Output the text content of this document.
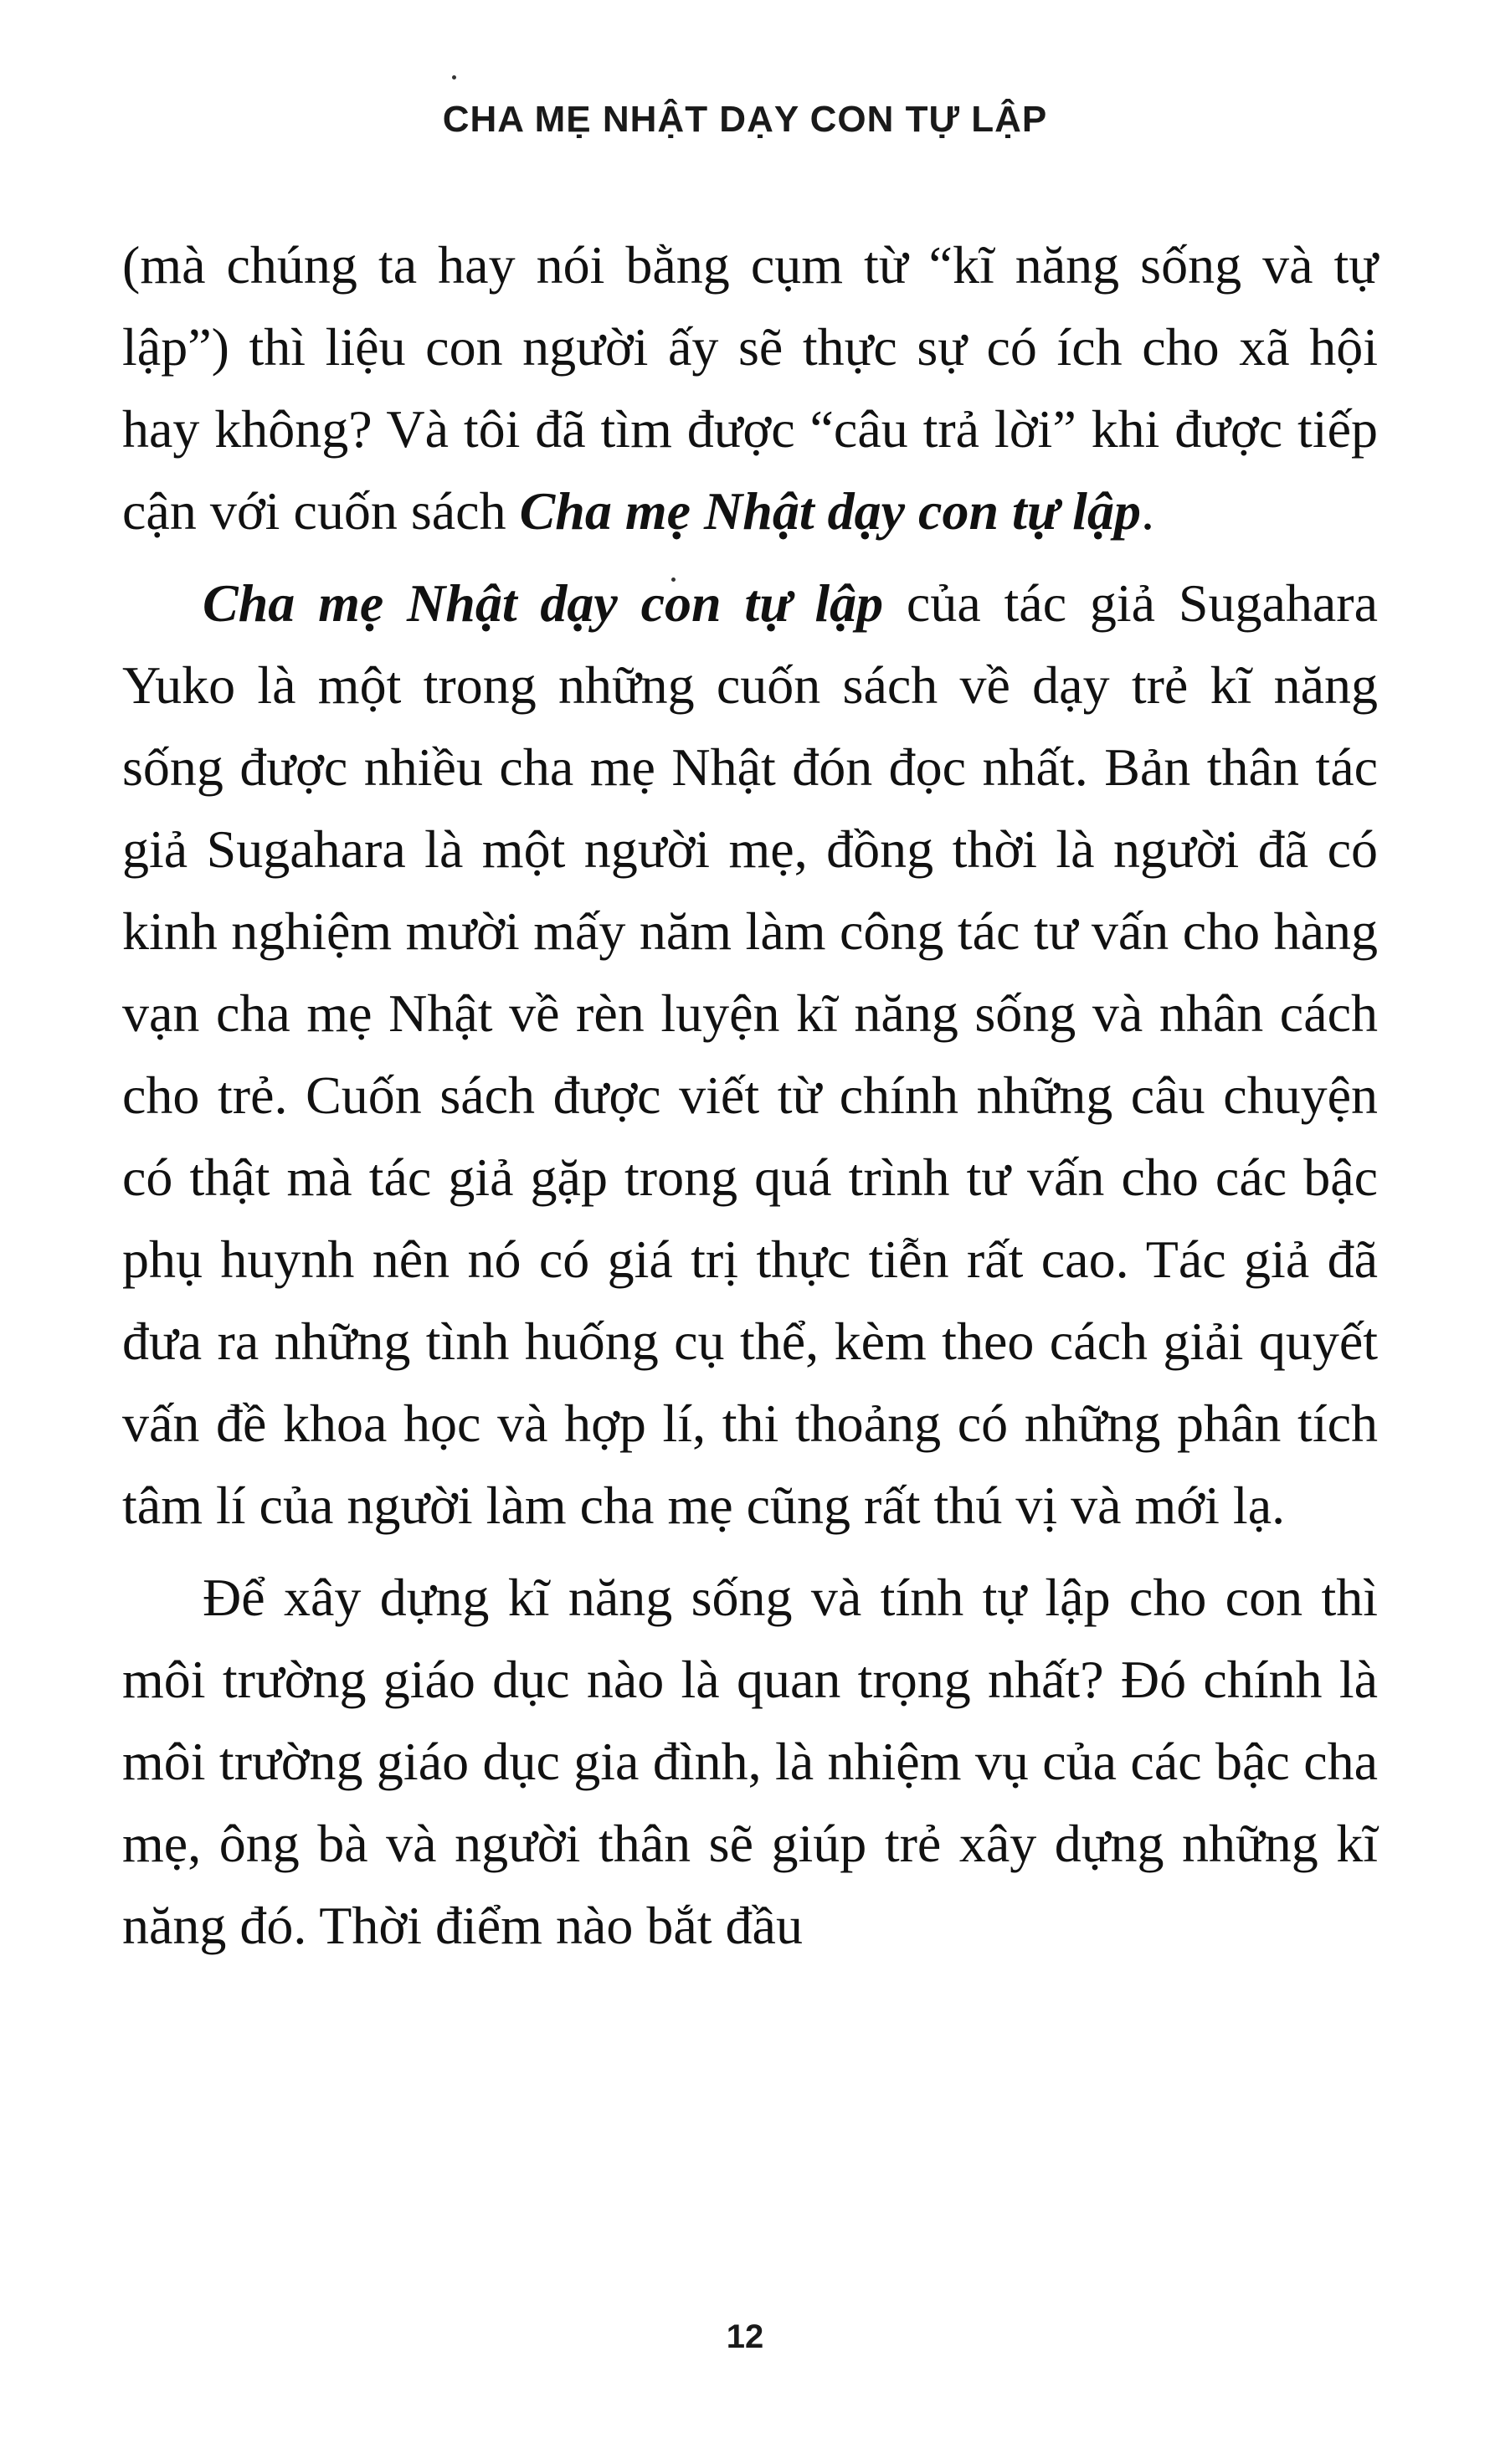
CHA MẸ NHẬT DẠY CON TỰ LẬP

(mà chúng ta hay nói bằng cụm từ “kĩ năng sống và tự lập”) thì liệu con người ấy sẽ thực sự có ích cho xã hội hay không? Và tôi đã tìm được “câu trả lời” khi được tiếp cận với cuốn sách Cha mẹ Nhật dạy con tự lập.

Cha mẹ Nhật dạy con tự lập của tác giả Sugahara Yuko là một trong những cuốn sách về dạy trẻ kĩ năng sống được nhiều cha mẹ Nhật đón đọc nhất. Bản thân tác giả Sugahara là một người mẹ, đồng thời là người đã có kinh nghiệm mười mấy năm làm công tác tư vấn cho hàng vạn cha mẹ Nhật về rèn luyện kĩ năng sống và nhân cách cho trẻ. Cuốn sách được viết từ chính những câu chuyện có thật mà tác giả gặp trong quá trình tư vấn cho các bậc phụ huynh nên nó có giá trị thực tiễn rất cao. Tác giả đã đưa ra những tình huống cụ thể, kèm theo cách giải quyết vấn đề khoa học và hợp lí, thi thoảng có những phân tích tâm lí của người làm cha mẹ cũng rất thú vị và mới lạ.

Để xây dựng kĩ năng sống và tính tự lập cho con thì môi trường giáo dục nào là quan trọng nhất? Đó chính là môi trường giáo dục gia đình, là nhiệm vụ của các bậc cha mẹ, ông bà và người thân sẽ giúp trẻ xây dựng những kĩ năng đó. Thời điểm nào bắt đầu

12
